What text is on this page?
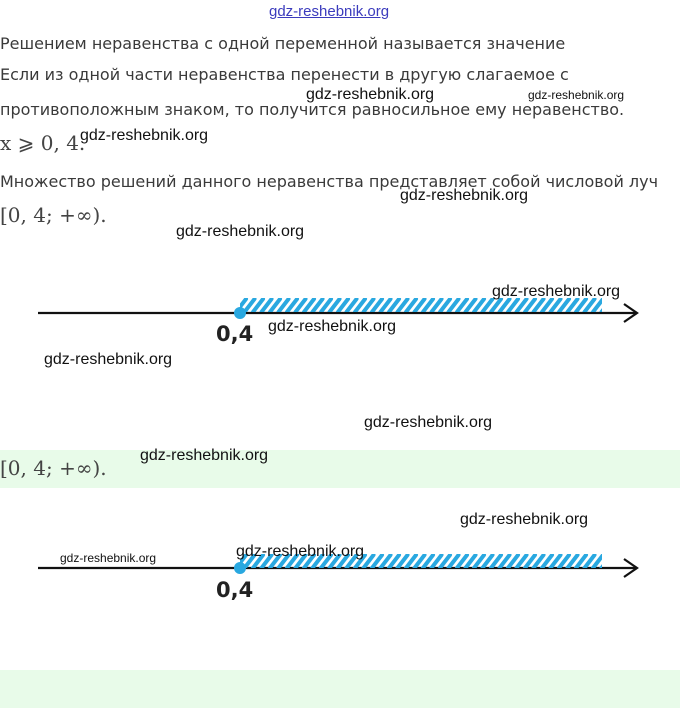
gdz-reshebnik.org
Решением неравенства с одной переменной называется значение
Если из одной части неравенства перенести в другую слагаемое с
противоположным знаком, то получится равносильное ему неравенство.
x ⩾ 0, 4.
Множество решений данного неравенства представляет собой числовой луч
[0, 4; +∞).
gdz-reshebnik.org	gdz-reshebnik.org
gdz-reshebnik.org
gdz-reshebnik.org
gdz-reshebnik.org
0,4
gdz-reshebnik.org
gdz-reshebnik.org
gdz-reshebnik.org
gdz-reshebnik.org
[0, 4; +∞).
gdz-reshebnik.org
gdz-reshebnik.org
0,4
gdz-reshebnik.org	gdz-reshebnik.org
